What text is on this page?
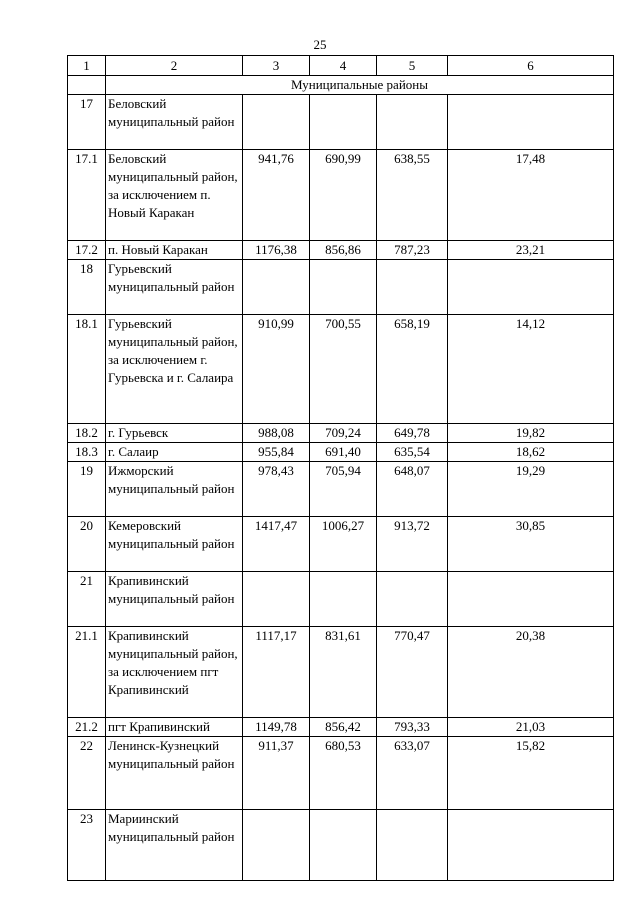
25
1	2	3	4	5	6
	Муниципальные районы				
17	Беловский муниципальный район				
17.1	Беловский муниципальный район, за исключением п. Новый Каракан	941,76	690,99	638,55	17,48
17.2	п. Новый Каракан	1176,38	856,86	787,23	23,21
18	Гурьевский муниципальный район				
18.1	Гурьевский муниципальный район, за исключением г. Гурьевска и г. Салаира	910,99	700,55	658,19	14,12
18.2	г. Гурьевск	988,08	709,24	649,78	19,82
18.3	г. Салаир	955,84	691,40	635,54	18,62
19	Ижморский муниципальный район	978,43	705,94	648,07	19,29
20	Кемеровский муниципальный район	1417,47	1006,27	913,72	30,85
21	Крапивинский муниципальный район				
21.1	Крапивинский муниципальный район, за исключением пгт Крапивинский	1117,17	831,61	770,47	20,38
21.2	пгт Крапивинский	1149,78	856,42	793,33	21,03
22	Ленинск-Кузнецкий муниципальный район	911,37	680,53	633,07	15,82
23	Мариинский муниципальный район				
